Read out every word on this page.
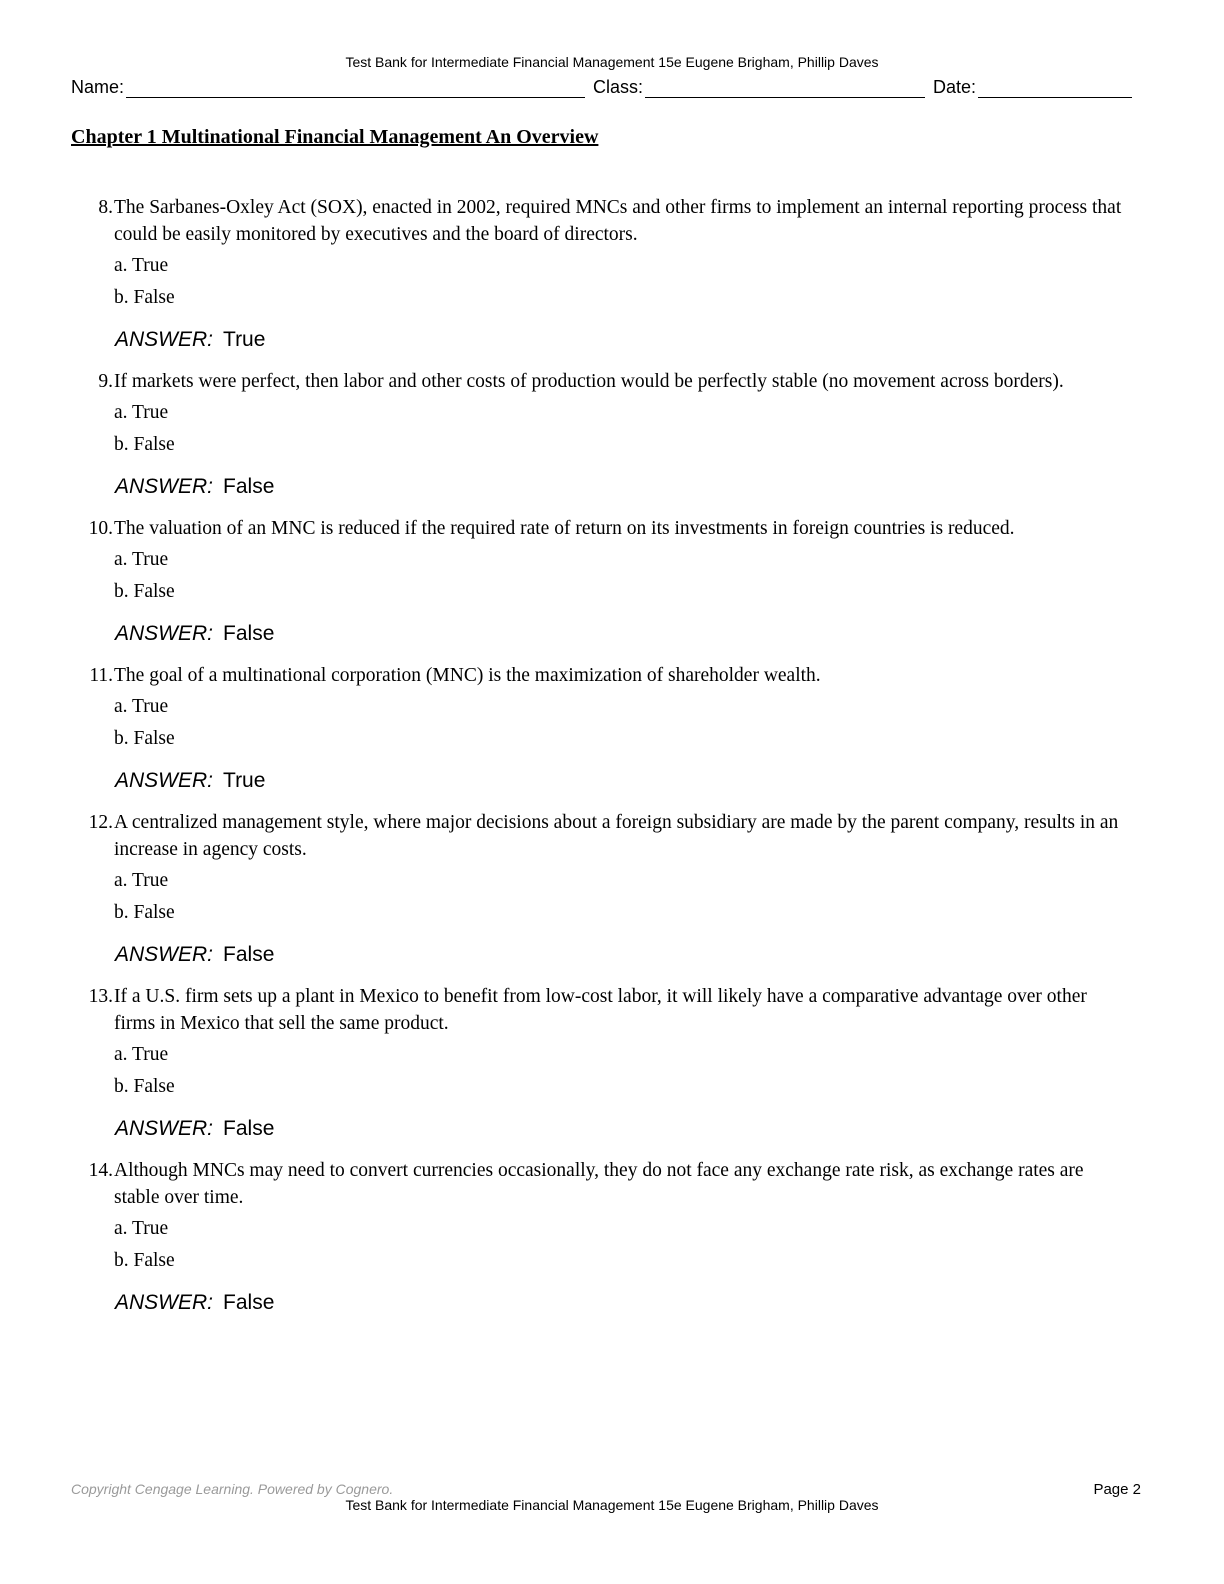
Test Bank for Intermediate Financial Management 15e Eugene Brigham, Phillip Daves
Name:	Class:	Date:
Chapter 1 Multinational Financial Management An Overview
8. The Sarbanes-Oxley Act (SOX), enacted in 2002, required MNCs and other firms to implement an internal reporting process that could be easily monitored by executives and the board of directors.
a. True
b. False
ANSWER: True
9. If markets were perfect, then labor and other costs of production would be perfectly stable (no movement across borders).
a. True
b. False
ANSWER: False
10. The valuation of an MNC is reduced if the required rate of return on its investments in foreign countries is reduced.
a. True
b. False
ANSWER: False
11. The goal of a multinational corporation (MNC) is the maximization of shareholder wealth.
a. True
b. False
ANSWER: True
12. A centralized management style, where major decisions about a foreign subsidiary are made by the parent company, results in an increase in agency costs.
a. True
b. False
ANSWER: False
13. If a U.S. firm sets up a plant in Mexico to benefit from low-cost labor, it will likely have a comparative advantage over other firms in Mexico that sell the same product.
a. True
b. False
ANSWER: False
14. Although MNCs may need to convert currencies occasionally, they do not face any exchange rate risk, as exchange rates are stable over time.
a. True
b. False
ANSWER: False
Copyright Cengage Learning. Powered by Cognero.	Page 2
Test Bank for Intermediate Financial Management 15e Eugene Brigham, Phillip Daves
